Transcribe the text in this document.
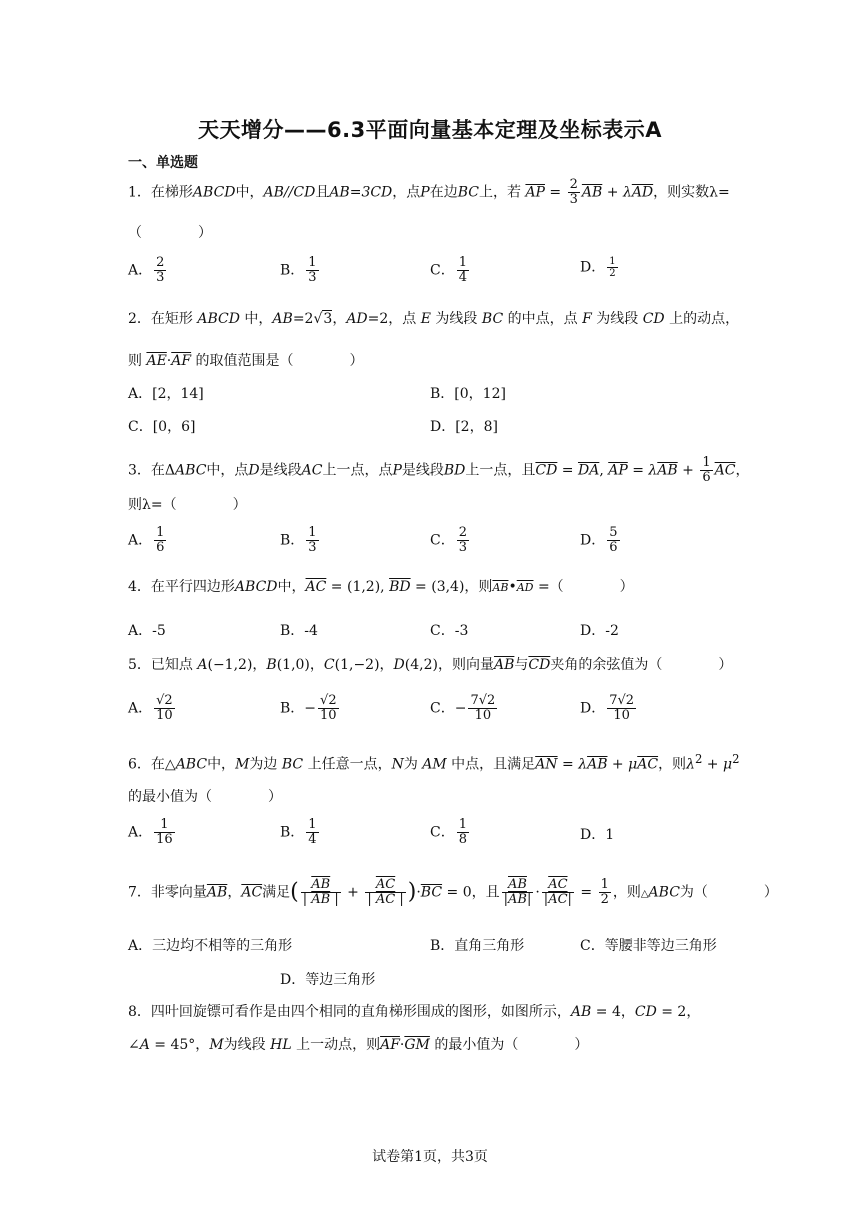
天天增分——6.3平面向量基本定理及坐标表示A
一、单选题
1．在梯形ABCD中，AB//CD且AB=3CD，点P在边BC上，若 $\overline{AP} = \frac{2}{3} \overline{AB} + \lambda\overline{AD}$，则实数λ=
（　　　　）
A． $\frac{2}{3}$	B． $\frac{1}{3}$	C． $\frac{1}{4}$	D． $\frac{1}{2}$
2．在矩形 ABCD 中，AB=2√3，AD=2，点 E 为线段 BC 的中点，点 F 为线段 CD 上的动点，
则 $\overline{AE}\cdot\overline{AF}$ 的取值范围是（　　　　）
A．[2，14]	B．[0，12]
C．[0，6]	D．[2，8]
3．在ΔABC中，点D是线段AC上一点，点P是线段BD上一点，且$\overline{CD} = \overline{DA}$, $\overline{AP} = \lambda\overline{AB} + \frac{1}{6} \overline{AC}$，
则λ=（　　　　）
A． $\frac{1}{6}$	B． $\frac{1}{3}$	C． $\frac{2}{3}$	D． $\frac{5}{6}$
4．在平行四边形ABCD中，$\overline{AC} = (1,2)$, $\overline{BD} = (3,4)$，则$\overline{AB}•\overline{AD}$ =（　　　　）
A．-5	B．-4	C．-3	D．-2
5．已知点 A(−1,2)，B(1,0)，C(1,−2)，D(4,2)，则向量$\overline{AB}$与$\overline{CD}$夹角的余弦值为（　　　　）
A． $\frac{√2}{10}$	B．− $\frac{√2}{10}$	C．− $\frac{7√2}{10}$	D． $\frac{7√2}{10}$
6．在△ABC中，M为边 BC 上任意一点，N为 AM 中点，且满足$\overline{AN} = \lambda\overline{AB} + \mu\overline{AC}$，则$\lambda^2 + \mu^2$
的最小值为（　　　　）
A． $\frac{1}{16}$	B． $\frac{1}{4}$	C． $\frac{1}{8}$	D．1
7．非零向量$\overline{AB}$，$\overline{AC}$满足( $\frac{\overline{AB}}{| \overline{AB} |} + \frac{\overline{AC}}{| \overline{AC} |} )\cdot\overline{BC} = 0$，且 $\frac{\overline{AB}}{|\overline{AB}|} \cdot \frac{\overline{AC}}{|\overline{AC}|} = \frac{1}{2}$ ，则△ABC为（　　　　）
A．三边均不相等的三角形	B．直角三角形	C．等腰非等边三角形
D．等边三角形
8．四叶回旋镖可看作是由四个相同的直角梯形围成的图形，如图所示，AB = 4，CD = 2，
∠A = 45°，M为线段 HL 上一动点，则$\overline{AF}\cdot\overline{GM}$ 的最小值为（　　　　）
试卷第1页，共3页
